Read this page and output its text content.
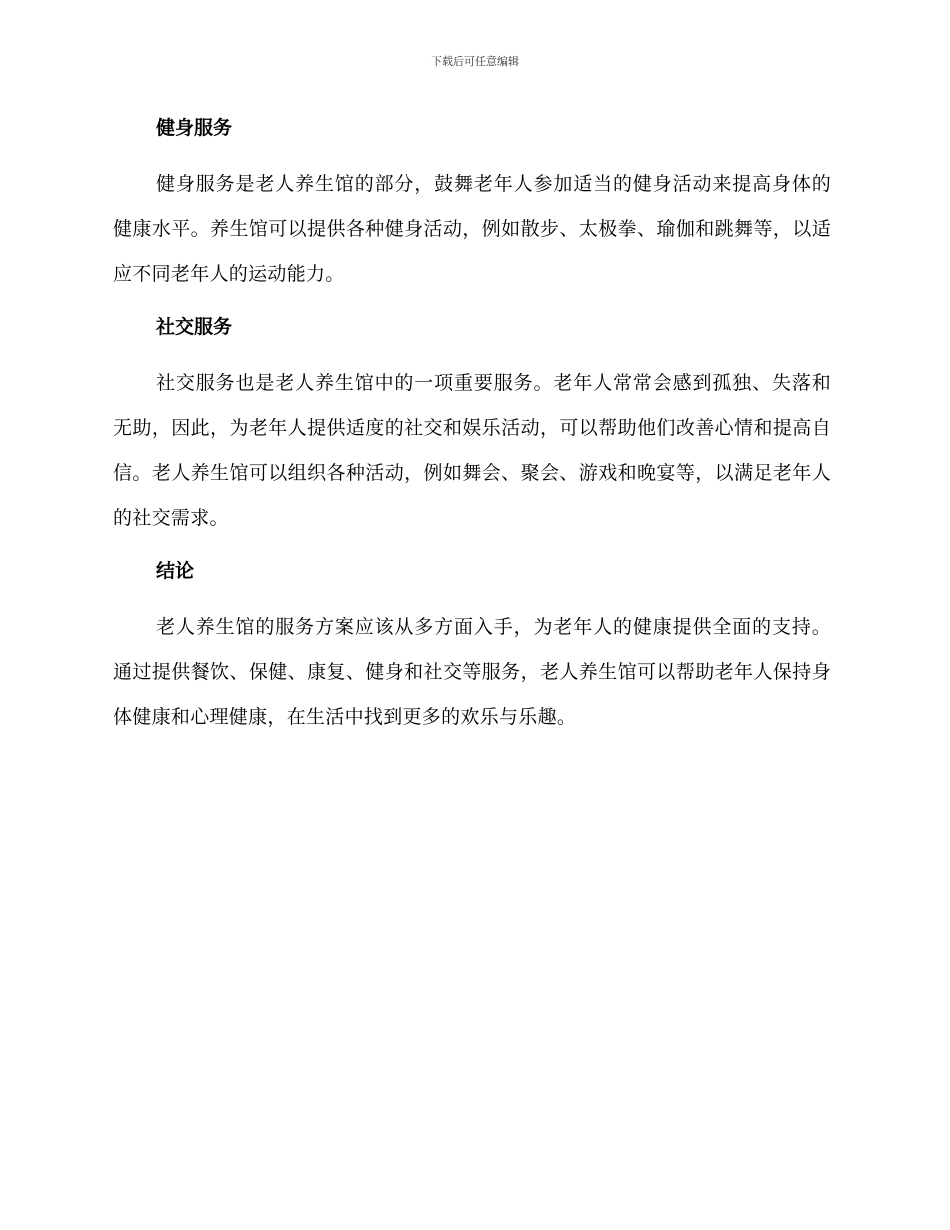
下载后可任意编辑
健身服务

健身服务是老人养生馆的部分，鼓舞老年人参加适当的健身活动来提高身体的健康水平。养生馆可以提供各种健身活动，例如散步、太极拳、瑜伽和跳舞等，以适应不同老年人的运动能力。

社交服务

社交服务也是老人养生馆中的一项重要服务。老年人常常会感到孤独、失落和无助，因此，为老年人提供适度的社交和娱乐活动，可以帮助他们改善心情和提高自信。老人养生馆可以组织各种活动，例如舞会、聚会、游戏和晚宴等，以满足老年人的社交需求。

结论

老人养生馆的服务方案应该从多方面入手，为老年人的健康提供全面的支持。通过提供餐饮、保健、康复、健身和社交等服务，老人养生馆可以帮助老年人保持身体健康和心理健康，在生活中找到更多的欢乐与乐趣。
